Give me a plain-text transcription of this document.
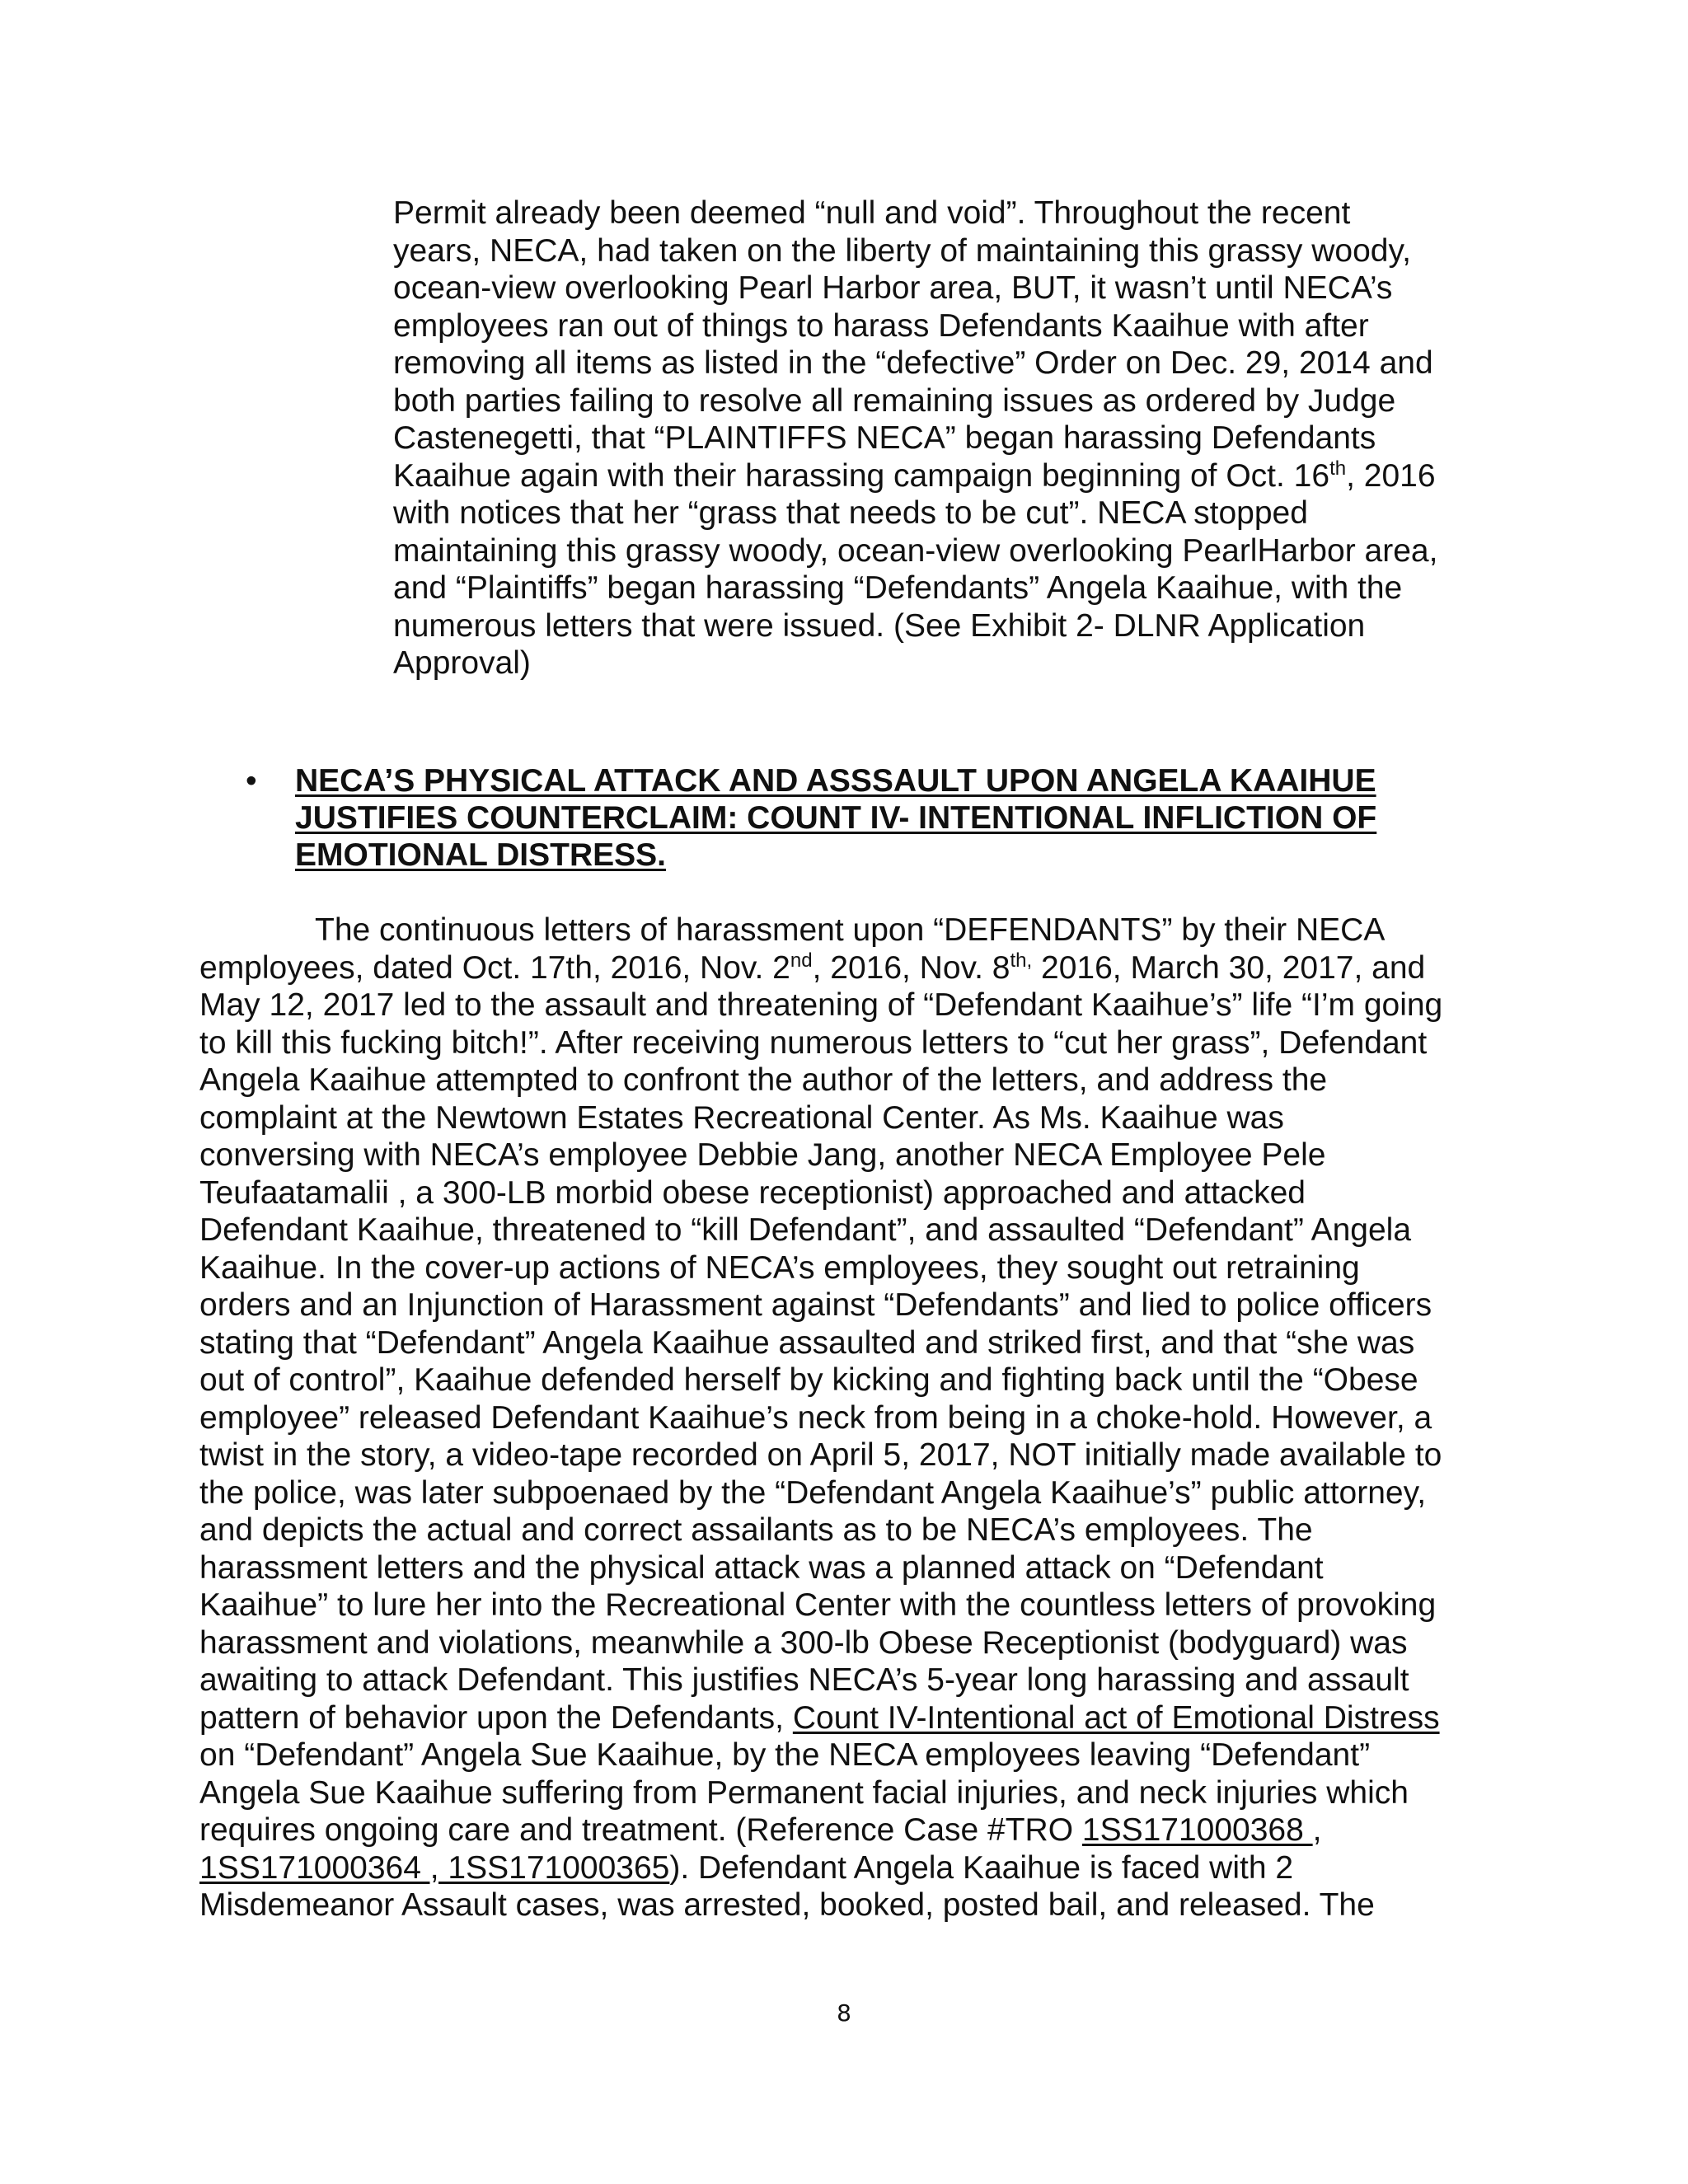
Permit already been deemed “null and void”. Throughout the recent
years, NECA, had taken on the liberty of maintaining this grassy woody,
ocean-view overlooking Pearl Harbor area, BUT, it wasn’t until NECA’s
employees ran out of things to harass Defendants Kaaihue with after
removing all items as listed in the “defective” Order on Dec. 29, 2014 and
both parties failing to resolve all remaining issues as ordered by Judge
Castenegetti, that “PLAINTIFFS NECA” began harassing Defendants
Kaaihue again with their harassing campaign beginning of Oct. 16th, 2016
with notices that her “grass that needs to be cut”. NECA stopped
maintaining this grassy woody, ocean-view overlooking PearlHarbor area,
and “Plaintiffs” began harassing “Defendants” Angela Kaaihue, with the
numerous letters that were issued. (See Exhibit 2- DLNR Application
Approval)
• NECA’S PHYSICAL ATTACK AND ASSSAULT UPON ANGELA KAAIHUE
JUSTIFIES COUNTERCLAIM: COUNT IV- INTENTIONAL INFLICTION OF
EMOTIONAL DISTRESS.
The continuous letters of harassment upon “DEFENDANTS” by their NECA
employees, dated Oct. 17th, 2016, Nov. 2nd, 2016, Nov. $8^{th,}$ 2016, March 30, 2017, and
May 12, 2017 led to the assault and threatening of “Defendant Kaaihue’s” life “I’m going
to kill this fucking bitch!”. After receiving numerous letters to “cut her grass”, Defendant
Angela Kaaihue attempted to confront the author of the letters, and address the
complaint at the Newtown Estates Recreational Center. As Ms. Kaaihue was
conversing with NECA’s employee Debbie Jang, another NECA Employee Pele
Teufaatamalii , a 300-LB morbid obese receptionist) approached and attacked
Defendant Kaaihue, threatened to “kill Defendant”, and assaulted “Defendant” Angela
Kaaihue. In the cover-up actions of NECA’s employees, they sought out retraining
orders and an Injunction of Harassment against “Defendants” and lied to police officers
stating that “Defendant” Angela Kaaihue assaulted and striked first, and that “she was
out of control”, Kaaihue defended herself by kicking and fighting back until the “Obese
employee” released Defendant Kaaihue’s neck from being in a choke-hold. However, a
twist in the story, a video-tape recorded on April 5, 2017, NOT initially made available to
the police, was later subpoenaed by the “Defendant Angela Kaaihue’s” public attorney,
and depicts the actual and correct assailants as to be NECA’s employees. The
harassment letters and the physical attack was a planned attack on “Defendant
Kaaihue” to lure her into the Recreational Center with the countless letters of provoking
harassment and violations, meanwhile a 300-lb Obese Receptionist (bodyguard) was
awaiting to attack Defendant. This justifies NECA’s 5-year long harassing and assault
pattern of behavior upon the Defendants, Count IV-Intentional act of Emotional Distress
on “Defendant” Angela Sue Kaaihue, by the NECA employees leaving “Defendant”
Angela Sue Kaaihue suffering from Permanent facial injuries, and neck injuries which
requires ongoing care and treatment. (Reference Case #TRO 1SS171000368 ,
1SS171000364 , 1SS171000365). Defendant Angela Kaaihue is faced with 2
Misdemeanor Assault cases, was arrested, booked, posted bail, and released. The
8
